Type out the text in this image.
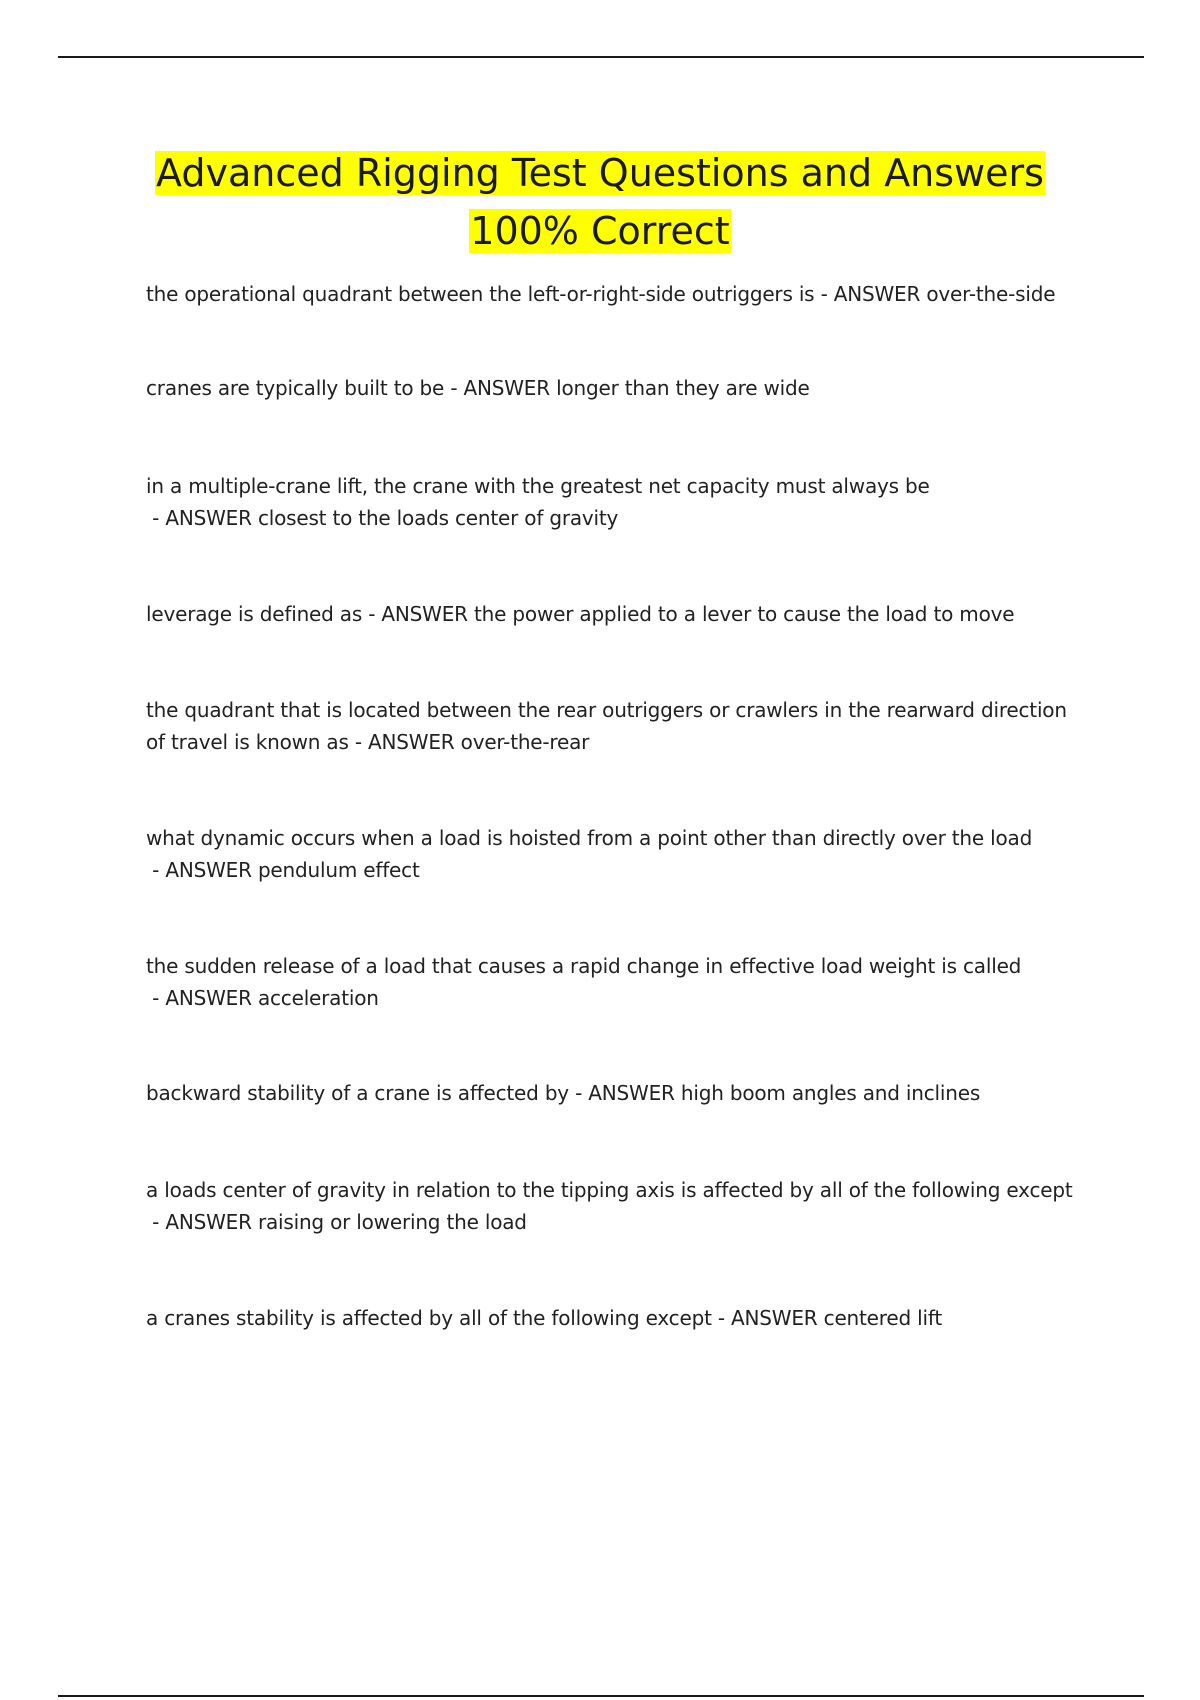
Advanced Rigging Test Questions and Answers
100% Correct
the operational quadrant between the left-or-right-side outriggers is - ANSWER over-the-side
cranes are typically built to be - ANSWER longer than they are wide
in a multiple-crane lift, the crane with the greatest net capacity must always be - ANSWER closest to the loads center of gravity
leverage is defined as - ANSWER the power applied to a lever to cause the load to move
the quadrant that is located between the rear outriggers or crawlers in the rearward direction of travel is known as - ANSWER over-the-rear
what dynamic occurs when a load is hoisted from a point other than directly over the load - ANSWER pendulum effect
the sudden release of a load that causes a rapid change in effective load weight is called - ANSWER acceleration
backward stability of a crane is affected by - ANSWER high boom angles and inclines
a loads center of gravity in relation to the tipping axis is affected by all of the following except - ANSWER raising or lowering the load
a cranes stability is affected by all of the following except - ANSWER centered lift
